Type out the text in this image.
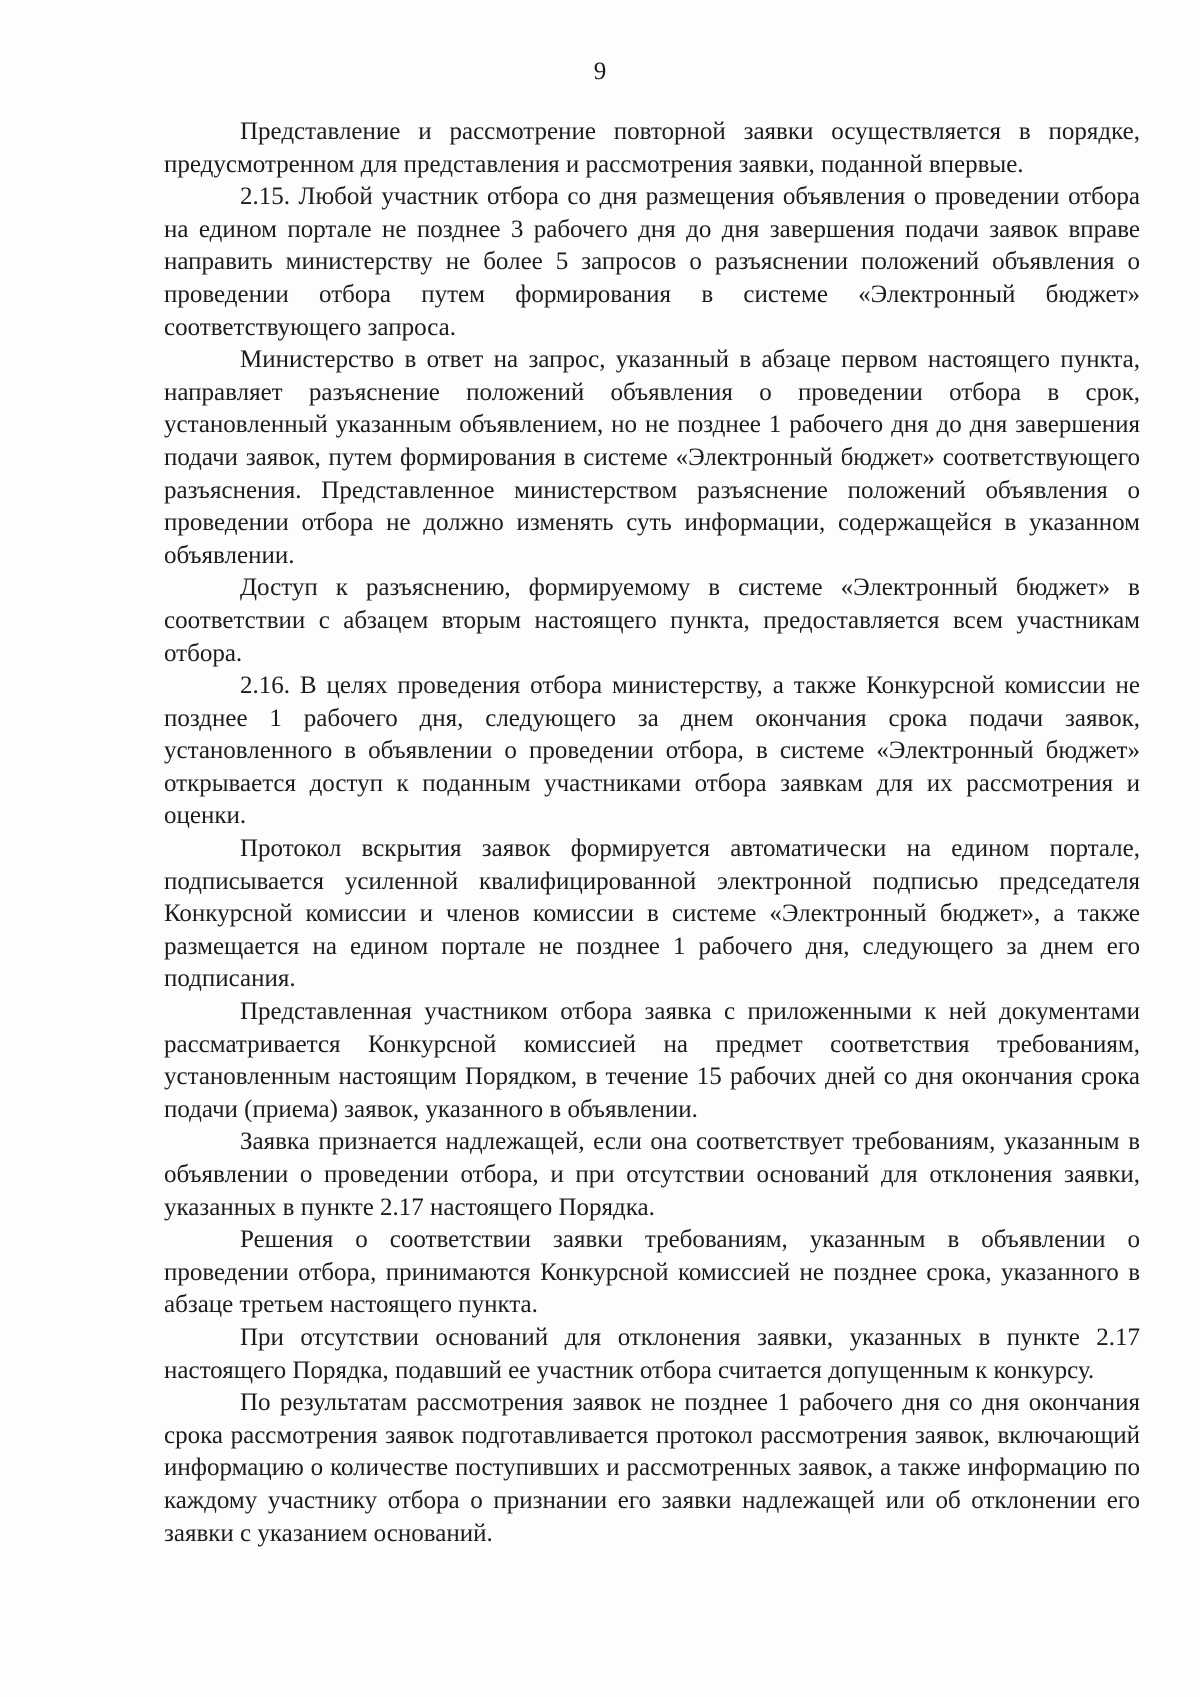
9

Представление и рассмотрение повторной заявки осуществляется в порядке, предусмотренном для представления и рассмотрения заявки, поданной впервые.

2.15. Любой участник отбора со дня размещения объявления о проведении отбора на едином портале не позднее 3 рабочего дня до дня завершения подачи заявок вправе направить министерству не более 5 запросов о разъяснении положений объявления о проведении отбора путем формирования в системе «Электронный бюджет» соответствующего запроса.

Министерство в ответ на запрос, указанный в абзаце первом настоящего пункта, направляет разъяснение положений объявления о проведении отбора в срок, установленный указанным объявлением, но не позднее 1 рабочего дня до дня завершения подачи заявок, путем формирования в системе «Электронный бюджет» соответствующего разъяснения. Представленное министерством разъяснение положений объявления о проведении отбора не должно изменять суть информации, содержащейся в указанном объявлении.

Доступ к разъяснению, формируемому в системе «Электронный бюджет» в соответствии с абзацем вторым настоящего пункта, предоставляется всем участникам отбора.

2.16. В целях проведения отбора министерству, а также Конкурсной комиссии не позднее 1 рабочего дня, следующего за днем окончания срока подачи заявок, установленного в объявлении о проведении отбора, в системе «Электронный бюджет» открывается доступ к поданным участниками отбора заявкам для их рассмотрения и оценки.

Протокол вскрытия заявок формируется автоматически на едином портале, подписывается усиленной квалифицированной электронной подписью председателя Конкурсной комиссии и членов комиссии в системе «Электронный бюджет», а также размещается на едином портале не позднее 1 рабочего дня, следующего за днем его подписания.

Представленная участником отбора заявка с приложенными к ней документами рассматривается Конкурсной комиссией на предмет соответствия требованиям, установленным настоящим Порядком, в течение 15 рабочих дней со дня окончания срока подачи (приема) заявок, указанного в объявлении.

Заявка признается надлежащей, если она соответствует требованиям, указанным в объявлении о проведении отбора, и при отсутствии оснований для отклонения заявки, указанных в пункте 2.17 настоящего Порядка.

Решения о соответствии заявки требованиям, указанным в объявлении о проведении отбора, принимаются Конкурсной комиссией не позднее срока, указанного в абзаце третьем настоящего пункта.

При отсутствии оснований для отклонения заявки, указанных в пункте 2.17 настоящего Порядка, подавший ее участник отбора считается допущенным к конкурсу.

По результатам рассмотрения заявок не позднее 1 рабочего дня со дня окончания срока рассмотрения заявок подготавливается протокол рассмотрения заявок, включающий информацию о количестве поступивших и рассмотренных заявок, а также информацию по каждому участнику отбора о признании его заявки надлежащей или об отклонении его заявки с указанием оснований.
